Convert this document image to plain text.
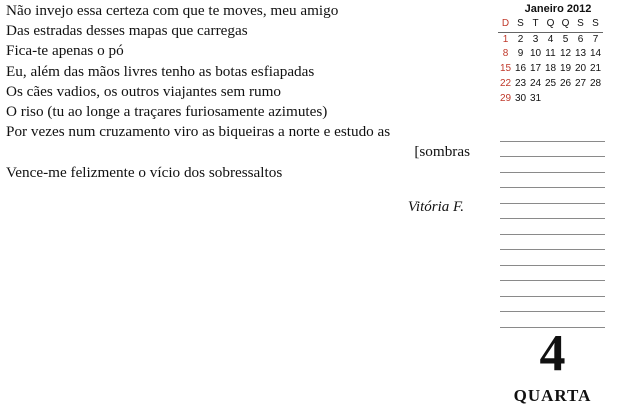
Não invejo essa certeza com que te moves, meu amigo
Das estradas desses mapas que carregas
Fica-te apenas o pó
Eu, além das mãos livres tenho as botas esfiapadas
Os cães vadios, os outros viajantes sem rumo
O riso (tu ao longe a traçares furiosamente azimutes)
Por vezes num cruzamento viro as biqueiras a norte e estudo as
[sombras
Vence-me felizmente o vício dos sobressaltos
Vitória F.
Janeiro 2012
D S T Q Q S S
1 2 3 4 5 6 7
8 9 10 11 12 13 14
15 16 17 18 19 20 21
22 23 24 25 26 27 28
29 30 31
4
QUARTA
